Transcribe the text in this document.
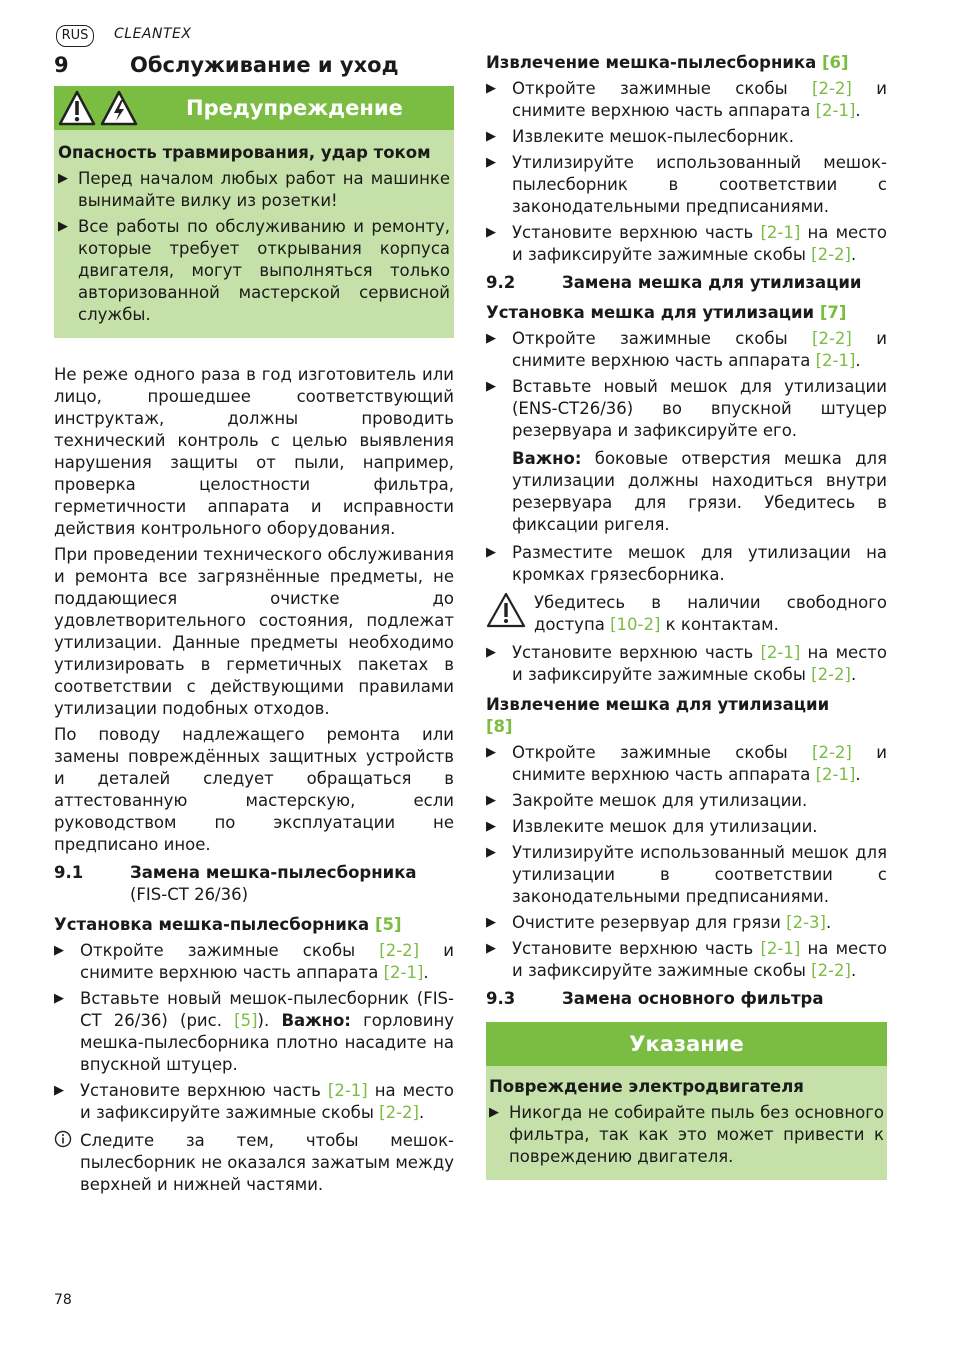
RUS	CLEANTEX
9	Обслуживание и уход
Предупреждение
Опасность травмирования, удар током
▶ Перед началом любых работ на машинке вынимайте вилку из розетки!
▶ Все работы по обслуживанию и ремонту, которые требует открывания корпуса двигателя, могут выполняться только авторизованной мастерской сервисной службы.

Не реже одного раза в год изготовитель или лицо, прошедшее соответствующий инструктаж, должны проводить технический контроль с целью выявления нарушения защиты от пыли, например, проверка целостности фильтра, герметичности аппарата и исправности действия контрольного оборудования.

При проведении технического обслуживания и ремонта все загрязнённые предметы, не поддающиеся очистке до удовлетворительного состояния, подлежат утилизации. Данные предметы необходимо утилизировать в герметичных пакетах в соответствии с действующими правилами утилизации подобных отходов.

По поводу надлежащего ремонта или замены повреждённых защитных устройств и деталей следует обращаться в аттестованную мастерскую, если руководством по эксплуатации не предписано иное.

9.1	Замена мешка-пылесборника
(FIS-CT 26/36)
Установка мешка-пылесборника [5]
▶ Откройте зажимные скобы [2-2] и снимите верхнюю часть аппарата [2-1].
▶ Вставьте новый мешок-пылесборник (FIS-CT 26/36) (рис. [5]). Важно: горловину мешка-пылесборника плотно насадите на впускной штуцер.
▶ Установите верхнюю часть [2-1] на место и зафиксируйте зажимные скобы [2-2].
Следите за тем, чтобы мешок-пылесборник не оказался зажатым между верхней и нижней частями.
Извлечение мешка-пылесборника [6]
▶ Откройте зажимные скобы [2-2] и снимите верхнюю часть аппарата [2-1].
▶ Извлеките мешок-пылесборник.
▶ Утилизируйте использованный мешок-пылесборник в соответствии с законодательными предписаниями.
▶ Установите верхнюю часть [2-1] на место и зафиксируйте зажимные скобы [2-2].
9.2	Замена мешка для утилизации
Установка мешка для утилизации [7]
▶ Откройте зажимные скобы [2-2] и снимите верхнюю часть аппарата [2-1].
▶ Вставьте новый мешок для утилизации (ENS-CT26/36) во впускной штуцер резервуара и зафиксируйте его.
Важно: боковые отверстия мешка для утилизации должны находиться внутри резервуара для грязи. Убедитесь в фиксации ригеля.
▶ Разместите мешок для утилизации на кромках грязесборника.
Убедитесь в наличии свободного доступа [10-2] к контактам.
▶ Установите верхнюю часть [2-1] на место и зафиксируйте зажимные скобы [2-2].
Извлечение мешка для утилизации
[8]
▶ Откройте зажимные скобы [2-2] и снимите верхнюю часть аппарата [2-1].
▶ Закройте мешок для утилизации.
▶ Извлеките мешок для утилизации.
▶ Утилизируйте использованный мешок для утилизации в соответствии с законодательными предписаниями.
▶ Очистите резервуар для грязи [2-3].
▶ Установите верхнюю часть [2-1] на место и зафиксируйте зажимные скобы [2-2].
9.3	Замена основного фильтра
Указание
Повреждение электродвигателя
▶ Никогда не собирайте пыль без основного фильтра, так как это может привести к повреждению двигателя.
78
